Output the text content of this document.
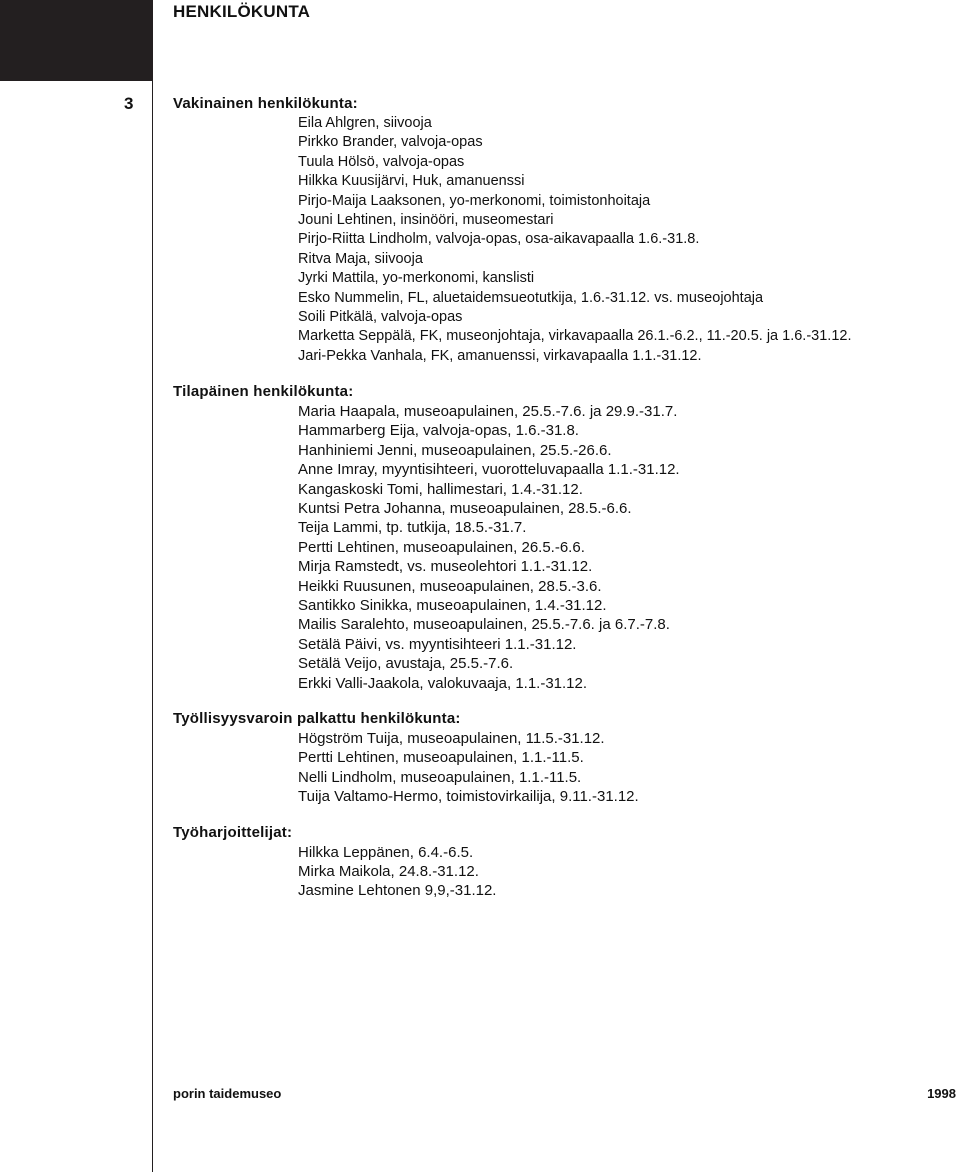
HENKILÖKUNTA
3	Vakinainen henkilökunta:
Eila Ahlgren, siivooja
Pirkko Brander, valvoja-opas
Tuula Hölsö, valvoja-opas
Hilkka Kuusijärvi, Huk, amanuenssi
Pirjo-Maija Laaksonen, yo-merkonomi, toimistonhoitaja
Jouni Lehtinen, insinööri, museomestari
Pirjo-Riitta Lindholm, valvoja-opas, osa-aikavapaalla 1.6.-31.8.
Ritva Maja, siivooja
Jyrki Mattila, yo-merkonomi, kanslisti
Esko Nummelin, FL, aluetaidemsueotutkija, 1.6.-31.12. vs. museojohtaja
Soili Pitkälä, valvoja-opas
Marketta Seppälä, FK, museonjohtaja, virkavapaalla 26.1.-6.2., 11.-20.5. ja 1.6.-31.12.
Jari-Pekka Vanhala, FK, amanuenssi, virkavapaalla 1.1.-31.12.
Tilapäinen henkilökunta:
Maria Haapala, museoapulainen, 25.5.-7.6. ja 29.9.-31.7.
Hammarberg Eija, valvoja-opas, 1.6.-31.8.
Hanhiniemi Jenni, museoapulainen, 25.5.-26.6.
Anne Imray, myyntisihteeri, vuorotteluvapaalla 1.1.-31.12.
Kangaskoski Tomi, hallimestari, 1.4.-31.12.
Kuntsi Petra Johanna, museoapulainen, 28.5.-6.6.
Teija Lammi, tp. tutkija, 18.5.-31.7.
Pertti Lehtinen, museoapulainen, 26.5.-6.6.
Mirja Ramstedt, vs. museolehtori 1.1.-31.12.
Heikki Ruusunen, museoapulainen, 28.5.-3.6.
Santikko Sinikka, museoapulainen, 1.4.-31.12.
Mailis Saralehto, museoapulainen, 25.5.-7.6. ja 6.7.-7.8.
Setälä Päivi, vs. myyntisihteeri 1.1.-31.12.
Setälä Veijo, avustaja, 25.5.-7.6.
Erkki Valli-Jaakola, valokuvaaja, 1.1.-31.12.
Työllisyysvaroin palkattu henkilökunta:
Högström Tuija, museoapulainen, 11.5.-31.12.
Pertti Lehtinen, museoapulainen, 1.1.-11.5.
Nelli Lindholm, museoapulainen, 1.1.-11.5.
Tuija Valtamo-Hermo, toimistovirkailija, 9.11.-31.12.
Työharjoittelijat:
Hilkka Leppänen, 6.4.-6.5.
Mirka Maikola, 24.8.-31.12.
Jasmine Lehtonen 9,9,-31.12.
porin taidemuseo	1998
